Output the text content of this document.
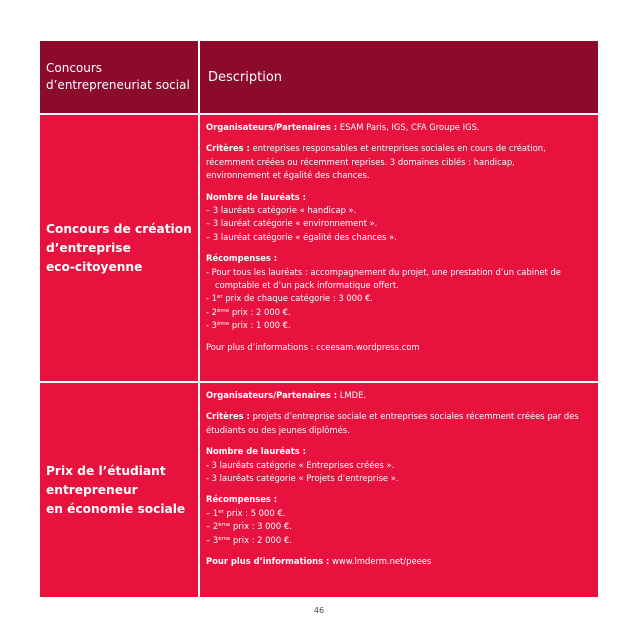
Concours
d’entrepreneuriat social
Description
Concours de création
d’entreprise
eco-citoyenne
Organisateurs/Partenaires : ESAM Paris, IGS, CFA Groupe IGS.
Critères : entreprises responsables et entreprises sociales en cours de création,
récemment créées ou récemment reprises. 3 domaines ciblés : handicap,
environnement et égalité des chances.
Nombre de lauréats :
– 3 lauréats catégorie « handicap ».
– 3 lauréat catégorie « environnement ».
– 3 lauréat catégorie « égalité des chances ».
Récompenses :
- Pour tous les lauréats : accompagnement du projet, une prestation d’un cabinet de
comptable et d’un pack informatique offert.
- 1er prix de chaque catégorie : 3 000 €.
- 2ème prix : 2 000 €.
- 3ème prix : 1 000 €.
Pour plus d’informations : cceesam.wordpress.com
Prix de l’étudiant
entrepreneur
en économie sociale
Organisateurs/Partenaires : LMDE.
Critères : projets d’entreprise sociale et entreprises sociales récemment créées par des
étudiants ou des jeunes diplômés.
Nombre de lauréats :
- 3 lauréats catégorie « Entreprises créées ».
- 3 lauréats catégorie « Projets d’entreprise ».
Récompenses :
– 1er prix : 5 000 €.
– 2ème prix : 3 000 €.
– 3ème prix : 2 000 €.
Pour plus d’informations : www.lmderm.net/peees
46
